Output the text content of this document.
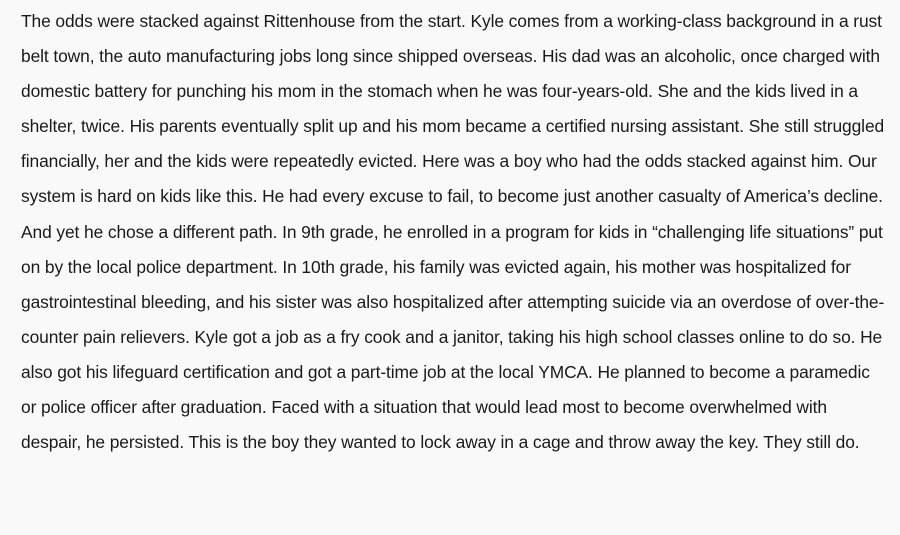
The odds were stacked against Rittenhouse from the start. Kyle comes from a working-class background in a rust belt town, the auto manufacturing jobs long since shipped overseas. His dad was an alcoholic, once charged with domestic battery for punching his mom in the stomach when he was four-years-old. She and the kids lived in a shelter, twice. His parents eventually split up and his mom became a certified nursing assistant. She still struggled financially, her and the kids were repeatedly evicted. Here was a boy who had the odds stacked against him. Our system is hard on kids like this. He had every excuse to fail, to become just another casualty of America’s decline. And yet he chose a different path. In 9th grade, he enrolled in a program for kids in “challenging life situations” put on by the local police department. In 10th grade, his family was evicted again, his mother was hospitalized for gastrointestinal bleeding, and his sister was also hospitalized after attempting suicide via an overdose of over-the-counter pain relievers. Kyle got a job as a fry cook and a janitor, taking his high school classes online to do so. He also got his lifeguard certification and got a part-time job at the local YMCA. He planned to become a paramedic or police officer after graduation. Faced with a situation that would lead most to become overwhelmed with despair, he persisted. This is the boy they wanted to lock away in a cage and throw away the key. They still do.
